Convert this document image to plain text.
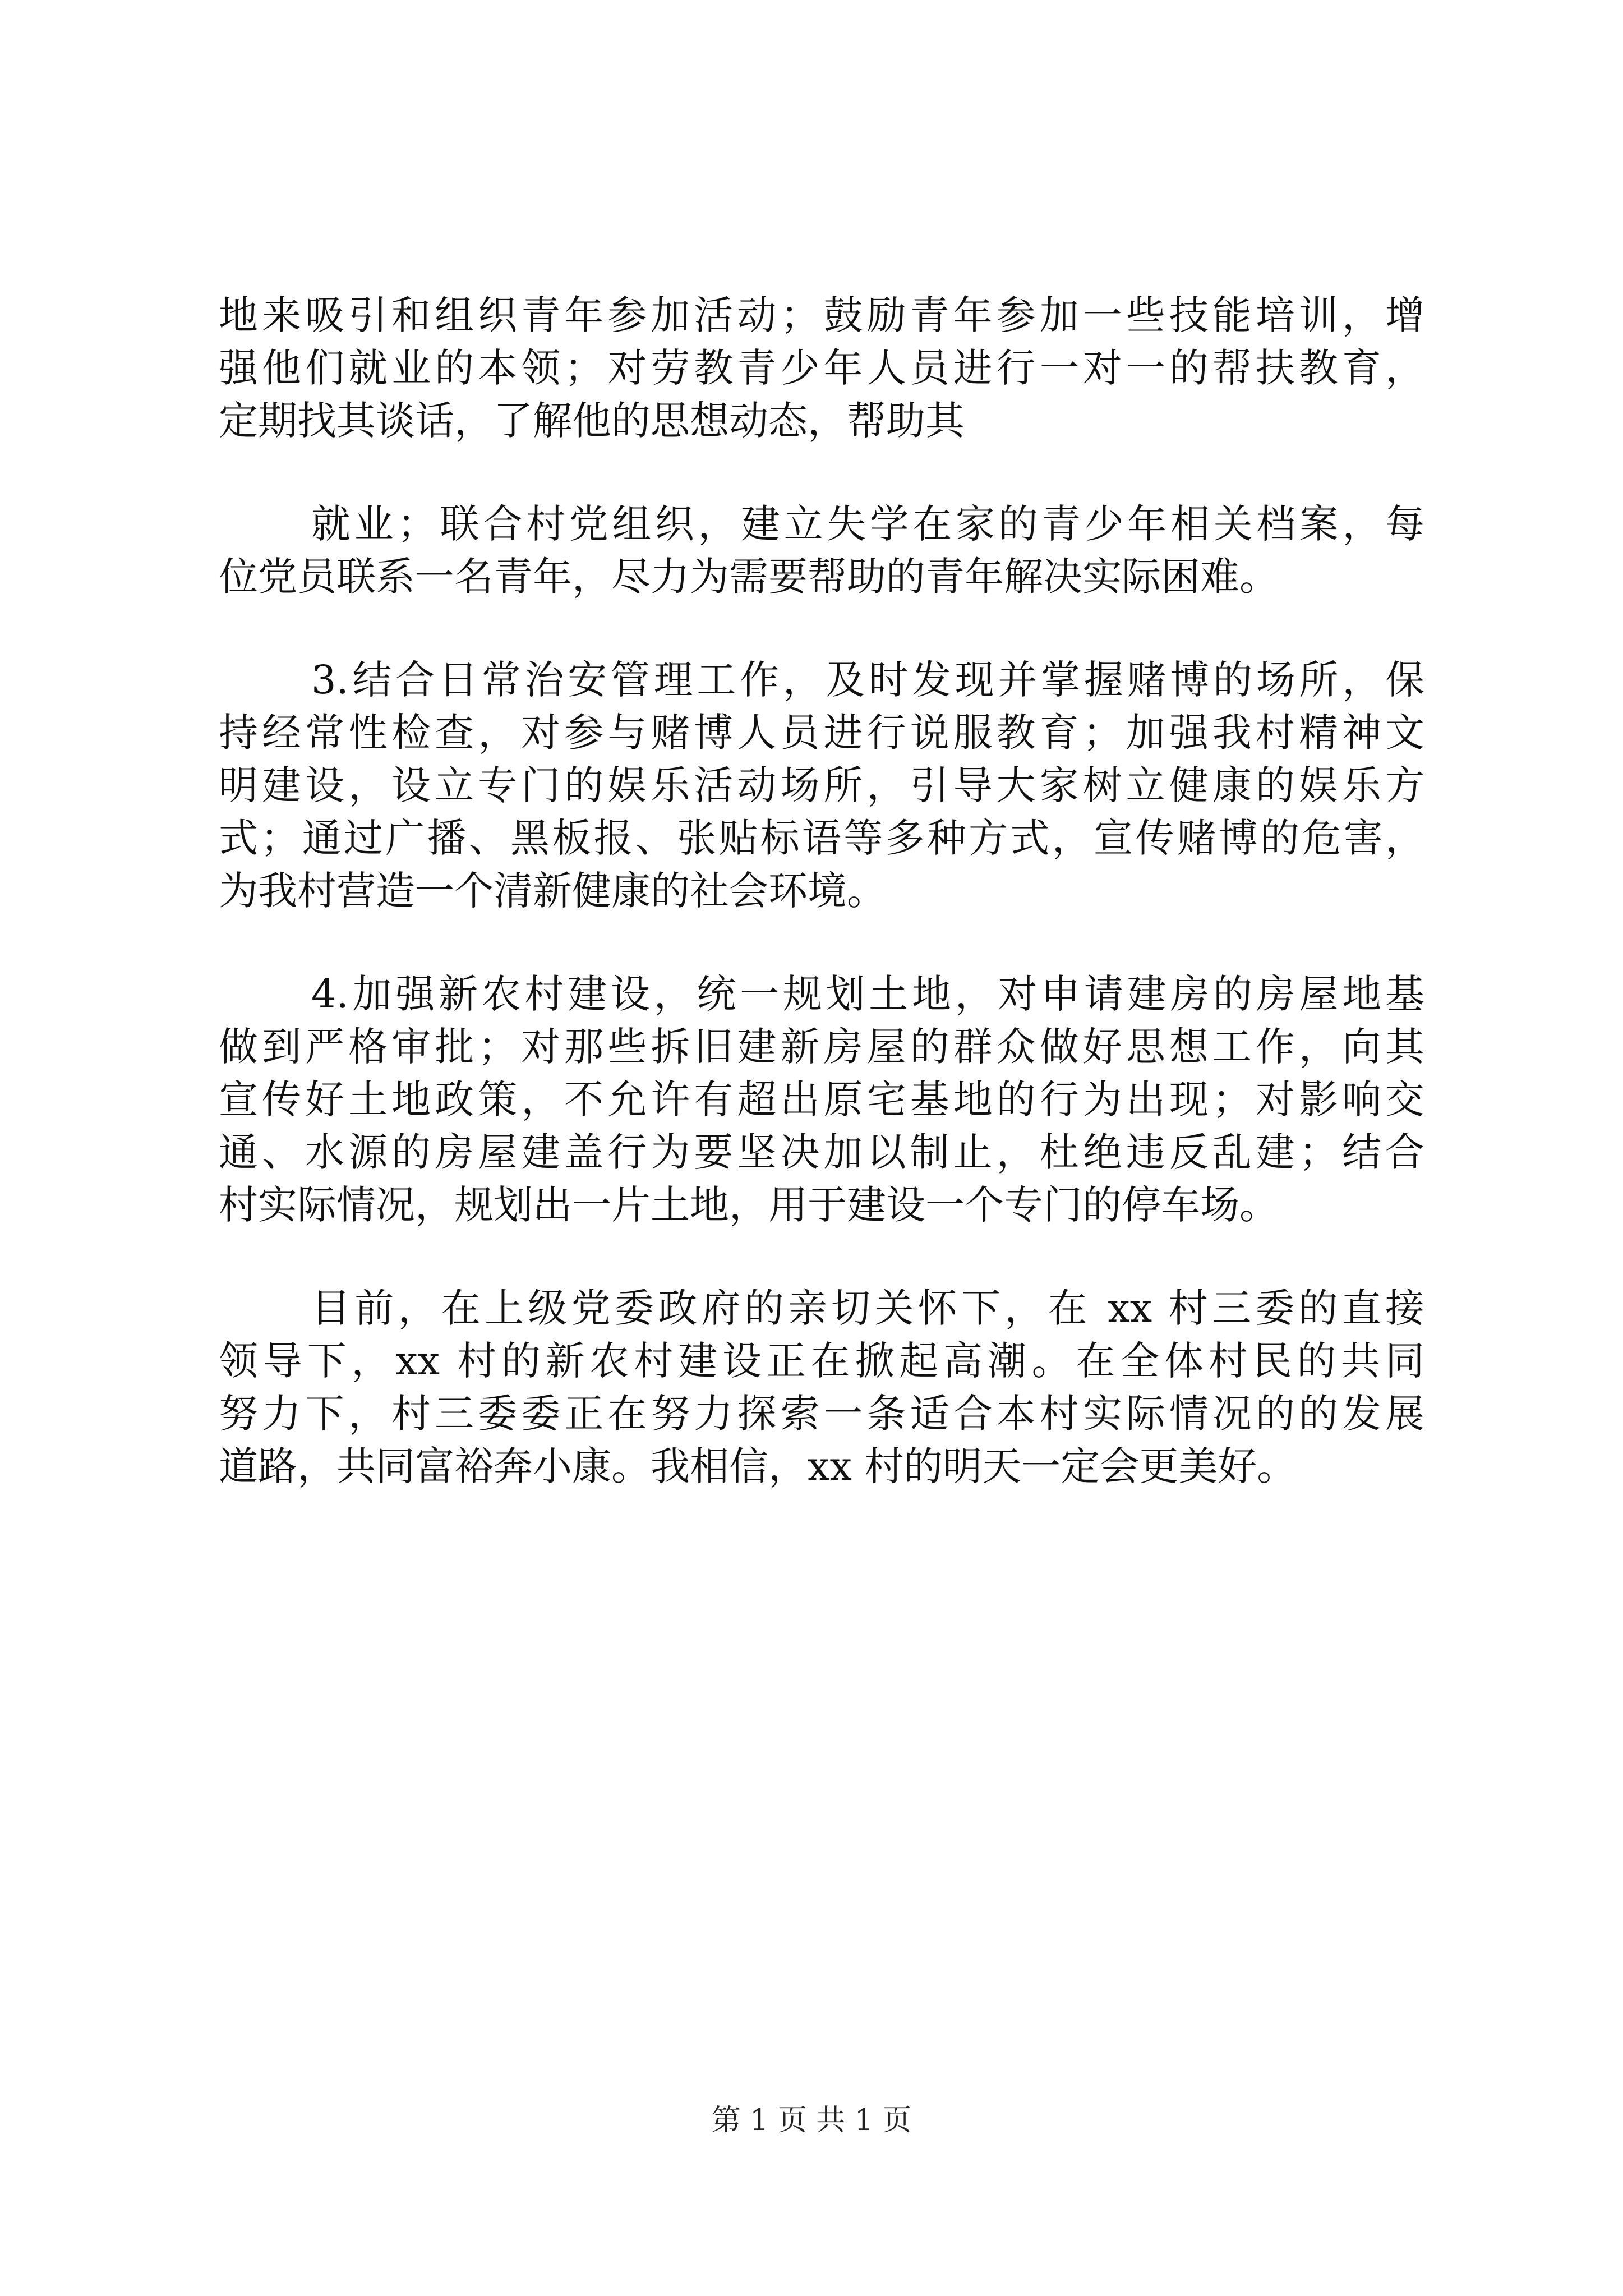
地来吸引和组织青年参加活动；鼓励青年参加一些技能培训，增
强他们就业的本领；对劳教青少年人员进行一对一的帮扶教育，
定期找其谈话，了解他的思想动态，帮助其
就业；联合村党组织，建立失学在家的青少年相关档案，每
位党员联系一名青年，尽力为需要帮助的青年解决实际困难。
3.结合日常治安管理工作，及时发现并掌握赌博的场所，保
持经常性检查，对参与赌博人员进行说服教育；加强我村精神文
明建设，设立专门的娱乐活动场所，引导大家树立健康的娱乐方
式；通过广播、黑板报、张贴标语等多种方式，宣传赌博的危害，
为我村营造一个清新健康的社会环境。
4.加强新农村建设，统一规划土地，对申请建房的房屋地基
做到严格审批；对那些拆旧建新房屋的群众做好思想工作，向其
宣传好土地政策，不允许有超出原宅基地的行为出现；对影响交
通、水源的房屋建盖行为要坚决加以制止，杜绝违反乱建；结合
村实际情况，规划出一片土地，用于建设一个专门的停车场。
目前，在上级党委政府的亲切关怀下，在 xx 村三委的直接
领导下，xx 村的新农村建设正在掀起高潮。在全体村民的共同
努力下，村三委委正在努力探索一条适合本村实际情况的的发展
道路，共同富裕奔小康。我相信，xx 村的明天一定会更美好。
第 1 页 共 1 页
